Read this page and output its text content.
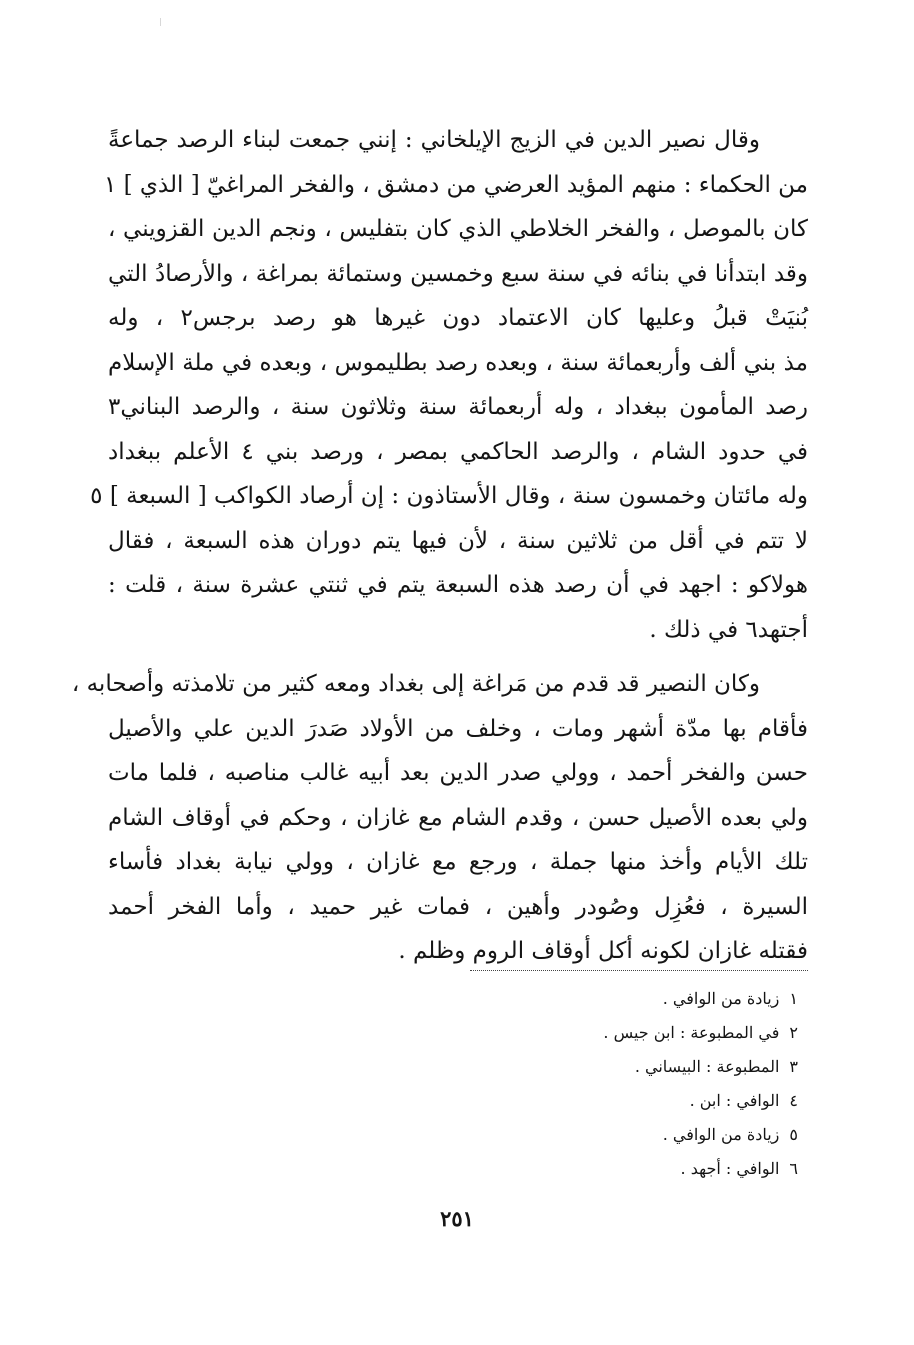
وقال نصير الدين في الزيج الإيلخاني : إنني جمعت لبناء الرصد جماعةً
من الحكماء : منهم المؤيد العرضي من دمشق ، والفخر المراغيّ [ الذي ] ١
كان بالموصل ، والفخر الخلاطي الذي كان بتفليس ، ونجم الدين القزويني ،
وقد ابتدأنا في بنائه في سنة سبع وخمسين وستمائة بمراغة ، والأرصادُ التي
بُنيَتْ قبلُ وعليها كان الاعتماد دون غيرها هو رصد برجس٢ ، وله
مذ بني ألف وأربعمائة سنة ، وبعده رصد بطليموس ، وبعده في ملة الإسلام
رصد المأمون ببغداد ، وله أربعمائة سنة وثلاثون سنة ، والرصد البناني٣
في حدود الشام ، والرصد الحاكمي بمصر ، ورصد بني ٤ الأعلم ببغداد
وله مائتان وخمسون سنة ، وقال الأستاذون : إن أرصاد الكواكب [ السبعة ] ٥
لا تتم في أقل من ثلاثين سنة ، لأن فيها يتم دوران هذه السبعة ، فقال
هولاكو : اجهد في أن رصد هذه السبعة يتم في ثنتي عشرة سنة ، قلت :
أجتهد٦ في ذلك .
وكان النصير قد قدم من مَراغة إلى بغداد ومعه كثير من تلامذته وأصحابه ،
فأقام بها مدّة أشهر ومات ، وخلف من الأولاد صَدرَ الدين علي والأصيل
حسن والفخر أحمد ، وولي صدر الدين بعد أبيه غالب مناصبه ، فلما مات
ولي بعده الأصيل حسن ، وقدم الشام مع غازان ، وحكم في أوقاف الشام
تلك الأيام وأخذ منها جملة ، ورجع مع غازان ، وولي نيابة بغداد فأساء
السيرة ، فعُزِل وصُودر وأهين ، فمات غير حميد ، وأما الفخر أحمد
فقتله غازان لكونه أكل أوقاف الروم وظلم .
١زيادة من الوافي .
٢في المطبوعة : ابن جيس .
٣المطبوعة : البيساني .
٤الوافي : ابن .
٥زيادة من الوافي .
٦الوافي : أجهد .
٢٥١
